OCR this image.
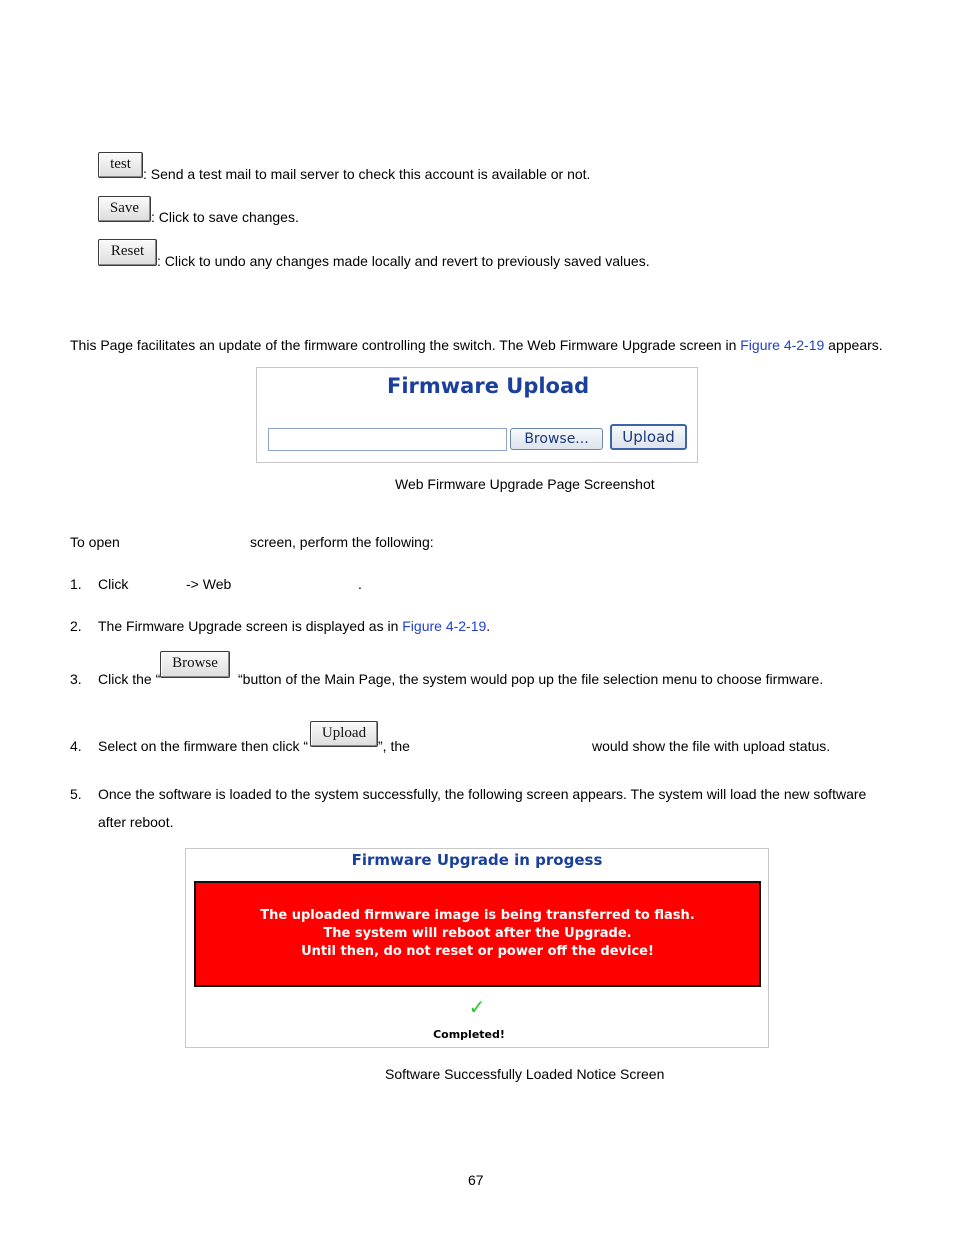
test
: Send a test mail to mail server to check this account is available or not.
Save
: Click to save changes.
Reset
: Click to undo any changes made locally and revert to previously saved values.
This Page facilitates an update of the firmware controlling the switch. The Web Firmware Upgrade screen in Figure 4-2-19 appears.
Firmware Upload
Browse...	Upload
Web Firmware Upgrade Page Screenshot
To open	screen, perform the following:
1. Click	-> Web	.
2. The Firmware Upgrade screen is displayed as in Figure 4-2-19.
3. Click the “
Browse
“button of the Main Page, the system would pop up the file selection menu to choose firmware.
4. Select on the firmware then click “
Upload
”, the	would show the file with upload status.
5. Once the software is loaded to the system successfully, the following screen appears. The system will load the new software
after reboot.
Firmware Upgrade in progess
The uploaded firmware image is being transferred to flash.
The system will reboot after the Upgrade.
Until then, do not reset or power off the device!
✓
Completed!
Software Successfully Loaded Notice Screen
67
